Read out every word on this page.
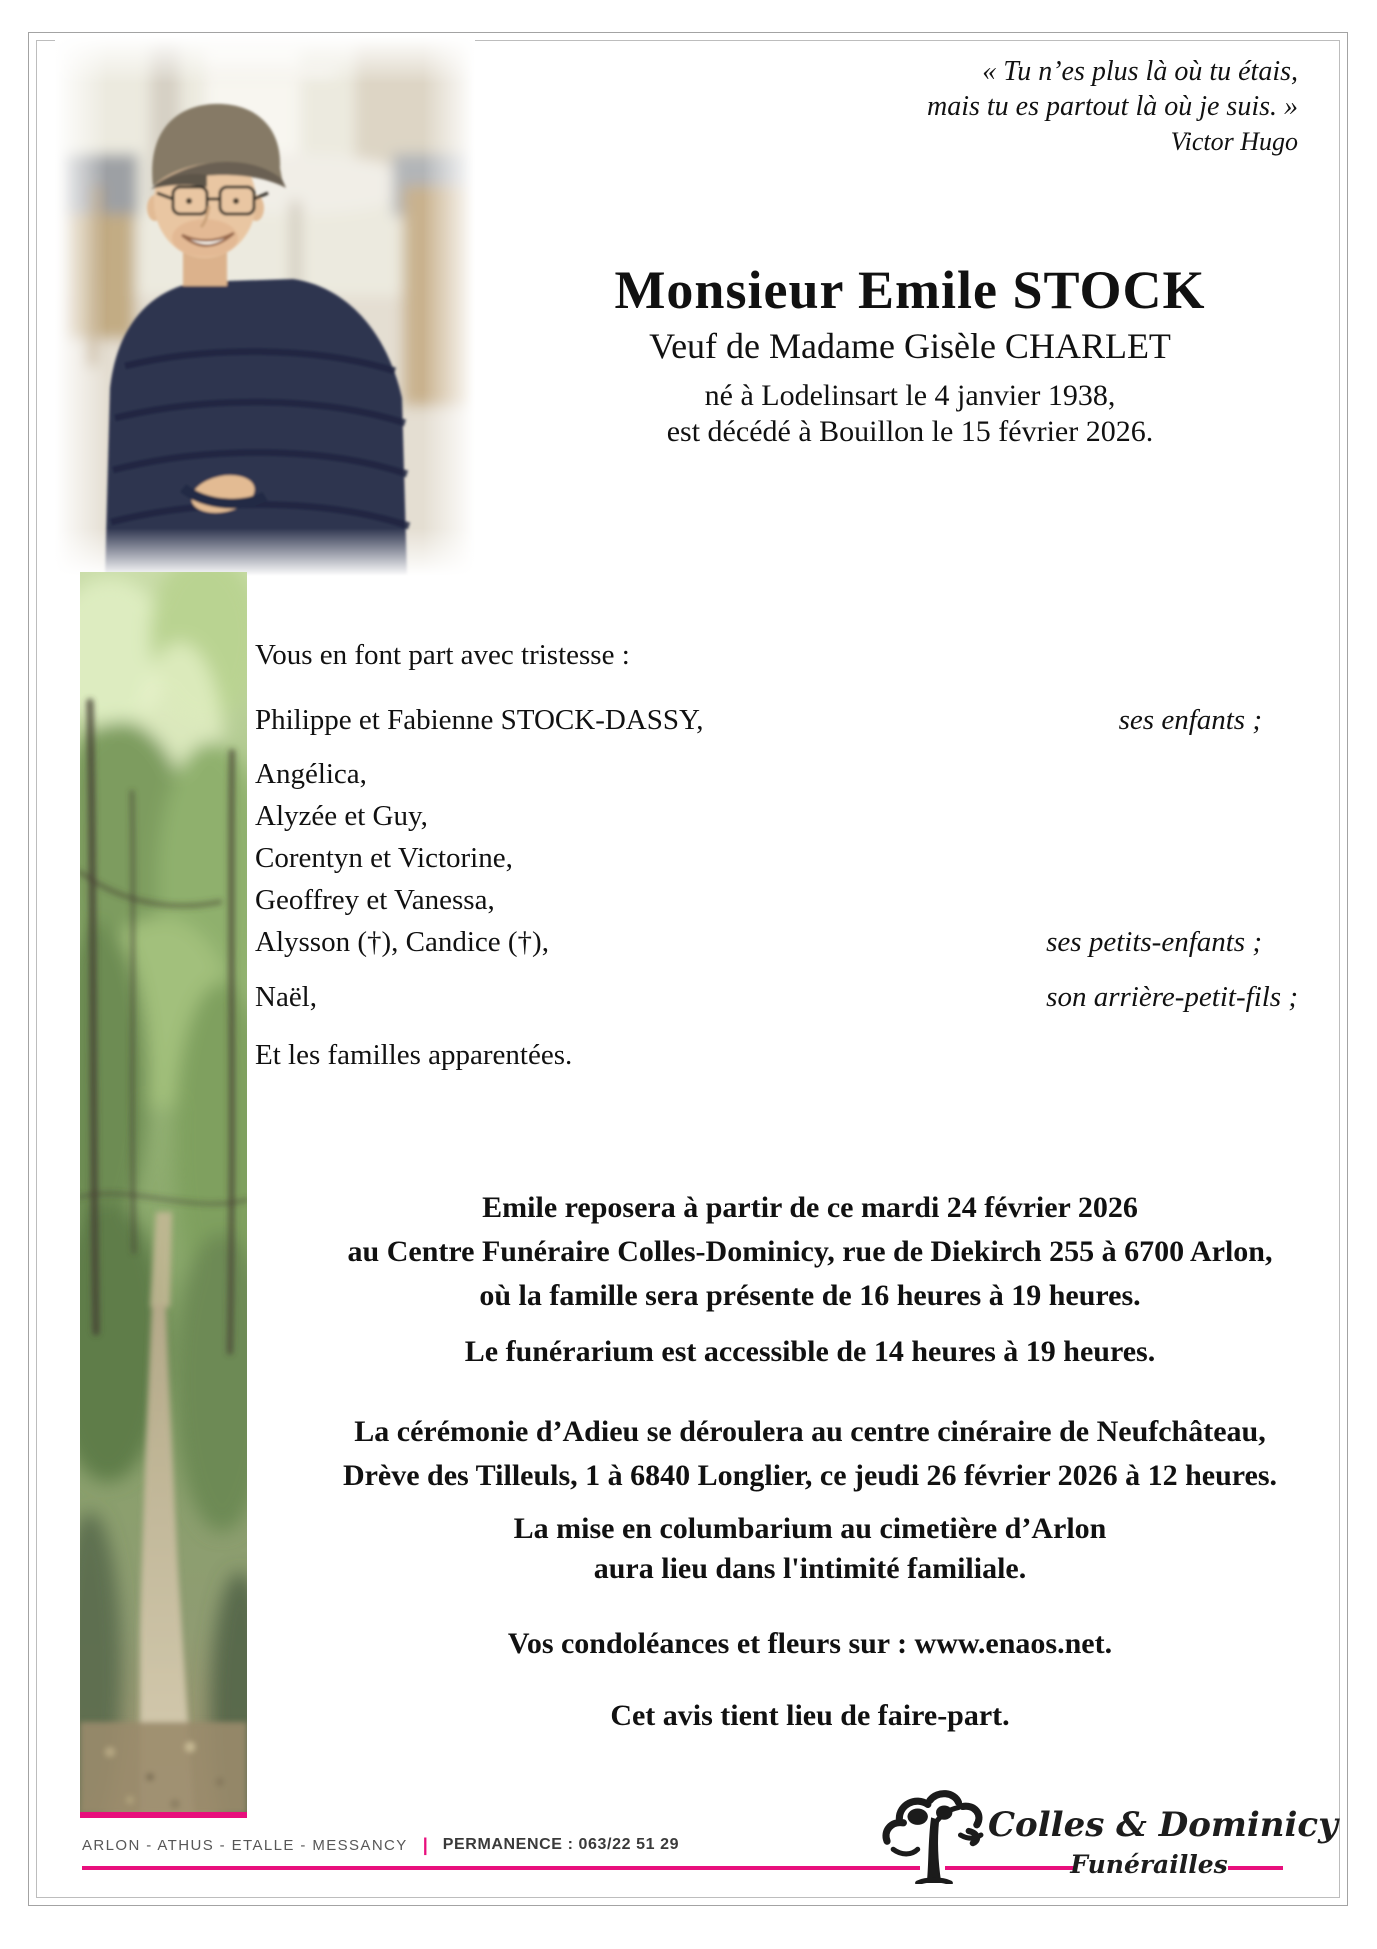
« Tu n’es plus là où tu étais,
mais tu es partout là où je suis. »
Victor Hugo
Monsieur Emile STOCK
Veuf de Madame Gisèle CHARLET
né à Lodelinsart le 4 janvier 1938,
est décédé à Bouillon le 15 février 2026.
Vous en font part avec tristesse :
Philippe et Fabienne STOCK-DASSY,	ses enfants ;
Angélica,
Alyzée et Guy,
Corentyn et Victorine,
Geoffrey et Vanessa,
Alysson (†), Candice (†),	ses petits-enfants ;
Naël,	son arrière-petit-fils ;
Et les familles apparentées.
Emile reposera à partir de ce mardi 24 février 2026
au Centre Funéraire Colles-Dominicy, rue de Diekirch 255 à 6700 Arlon,
où la famille sera présente de 16 heures à 19 heures.
Le funérarium est accessible de 14 heures à 19 heures.
La cérémonie d’Adieu se déroulera au centre cinéraire de Neufchâteau,
Drève des Tilleuls, 1 à 6840 Longlier, ce jeudi 26 février 2026 à 12 heures.
La mise en columbarium au cimetière d’Arlon
aura lieu dans l'intimité familiale.
Vos condoléances et fleurs sur : www.enaos.net.
Cet avis tient lieu de faire-part.
ARLON - ATHUS - ETALLE - MESSANCY | PERMANENCE : 063/22 51 29	Colles & Dominicy
Funérailles
